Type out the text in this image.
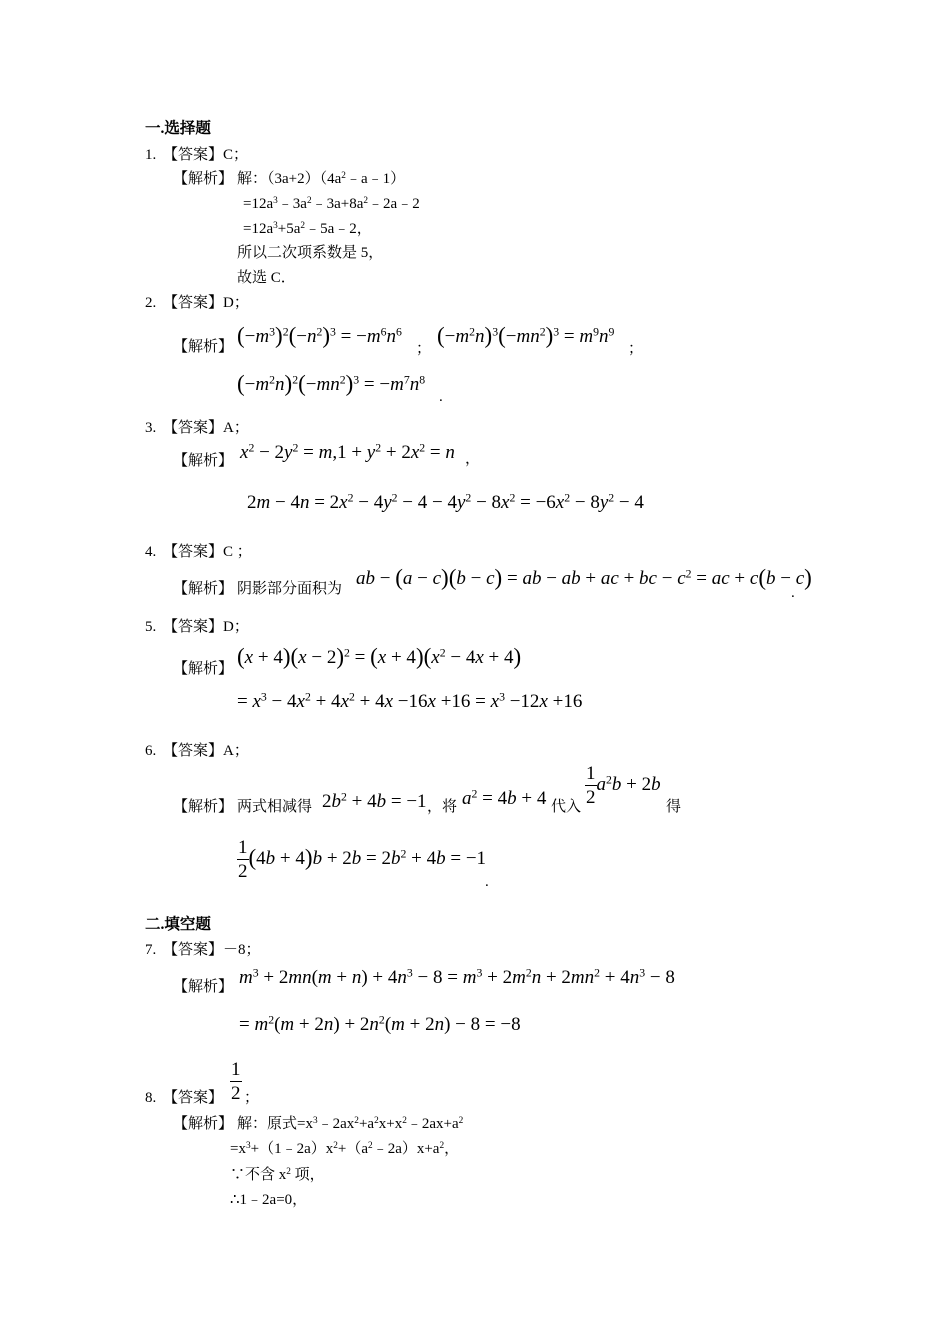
一.选择题
1. 【答案】C；
【解析】 解：$(3a+2)(4a^2﹣a﹣1)$
$=12a^3﹣3a^2﹣3a+8a^2﹣2a﹣2$
$=12a^3+5a^2﹣5a﹣2$，
所以二次项系数是 5，
故选 C．
2. 【答案】D；
【解析】 $(-m^3)^2(-n^2)^3 = -m^6n^6$
；
$(-m^2n)^3(-mn^2)^3 = m^9n^9$
；
$(-m^2n)^2(-mn^2)^3 = -m^7n^8$
.
3. 【答案】A；
【解析】 $x^2 - 2y^2 = m,1 + y^2 + 2x^2 = n$ ，
$2m - 4n = 2x^2 - 4y^2 - 4 - 4y^2 - 8x^2 = -6x^2 - 8y^2 - 4$
4. 【答案】C ；
【解析】 阴影部分面积为 ab − (a − c)(b − c) = ab − ab + ac + bc − $c^2$ = ac + c(b − c)
.
5. 【答案】D；
【解析】 $(x + 4)(x - 2)^2 = (x + 4)(x^2 - 4x + 4)$
= $x^3 - 4x^2 + 4x^2 + 4x -16x +16 = x^3 -12x +16$
6. 【答案】A；
【解析】 两式相减得 $2b^2 + 4b = -1$ ，将 $a^2 = 4b + 4$ 代入 $\frac{1}{2} a^2b + 2b$
得
$\frac{1}{2} (4b + 4)b + 2b = 2b^2 + 4b = -1$
.
二.填空题
7. 【答案】－8；
【解析】 $m^3 + 2mn(m + n) + 4n^3 - 8 = m^3 + 2m^2n + 2mn^2 + 4n^3 - 8$
= $m^2(m + 2n) + 2n^2(m + 2n) - 8 = -8$
8. 【答案】 $\frac{1}{2}$ ；
【解析】 解：原式$=x^3﹣2ax^2+a^2x+x^2﹣2ax+a^2$
$=x^3+(1﹣2a)x^2+(a^2﹣2a)x+a^2$，
∵不含 $x^2$ 项，
∴1﹣2a=0，
